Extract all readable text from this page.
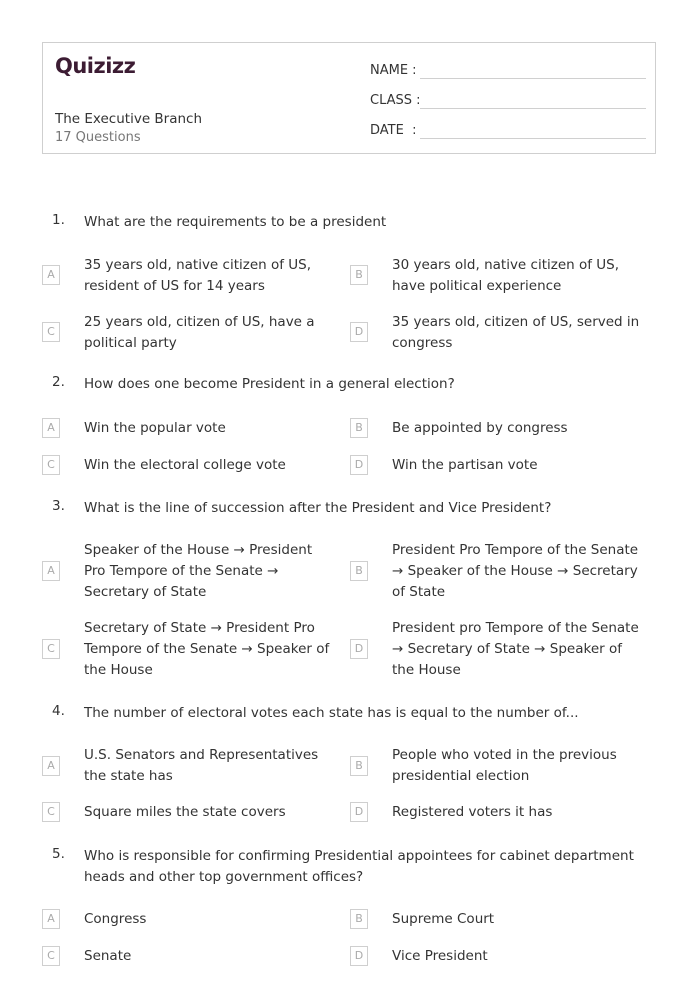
Quizizz
The Executive Branch
17 Questions
NAME :
CLASS :
DATE  :
1. What are the requirements to be a president
A
35 years old, native citizen of US, resident of US for 14 years
B
30 years old, native citizen of US, have political experience
C
25 years old, citizen of US, have a political party
D
35 years old, citizen of US, served in congress
2. How does one become President in a general election?
A	Win the popular vote	B	Be appointed by congress
C	Win the electoral college vote	D	Win the partisan vote
3. What is the line of succession after the President and Vice President?
A
Speaker of the House → President Pro Tempore of the Senate → Secretary of State
B
President Pro Tempore of the Senate → Speaker of the House → Secretary of State
C
Secretary of State → President Pro Tempore of the Senate → Speaker of the House
D
President pro Tempore of the Senate → Secretary of State → Speaker of the House
4. The number of electoral votes each state has is equal to the number of...
A
U.S. Senators and Representatives the state has
B
People who voted in the previous presidential election
C	Square miles the state covers	D	Registered voters it has
5. Who is responsible for confirming Presidential appointees for cabinet department heads and other top government offices?
A	Congress	B	Supreme Court
C	Senate	D	Vice President
